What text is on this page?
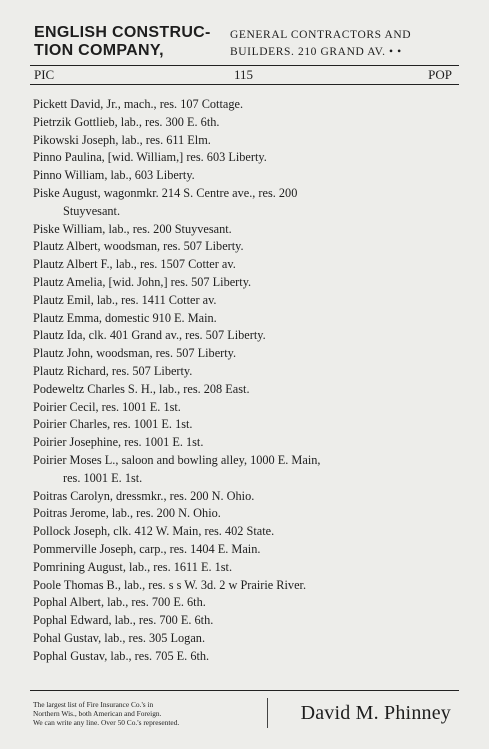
ENGLISH CONSTRUC-
TION COMPANY,
GENERAL CONTRACTORS AND
BUILDERS. 210 GRAND AV. • •
PIC	115	POP
Pickett David, Jr., mach., res. 107 Cottage.
Pietrzik Gottlieb, lab., res. 300 E. 6th.
Pikowski Joseph, lab., res. 611 Elm.
Pinno Paulina, [wid. William,] res. 603 Liberty.
Pinno William, lab., 603 Liberty.
Piske August, wagonmkr. 214 S. Centre ave., res. 200
Stuyvesant.
Piske William, lab., res. 200 Stuyvesant.
Plautz Albert, woodsman, res. 507 Liberty.
Plautz Albert F., lab., res. 1507 Cotter av.
Plautz Amelia, [wid. John,] res. 507 Liberty.
Plautz Emil, lab., res. 1411 Cotter av.
Plautz Emma, domestic 910 E. Main.
Plautz Ida, clk. 401 Grand av., res. 507 Liberty.
Plautz John, woodsman, res. 507 Liberty.
Plautz Richard, res. 507 Liberty.
Podeweltz Charles S. H., lab., res. 208 East.
Poirier Cecil, res. 1001 E. 1st.
Poirier Charles, res. 1001 E. 1st.
Poirier Josephine, res. 1001 E. 1st.
Poirier Moses L., saloon and bowling alley, 1000 E. Main,
res. 1001 E. 1st.
Poitras Carolyn, dressmkr., res. 200 N. Ohio.
Poitras Jerome, lab., res. 200 N. Ohio.
Pollock Joseph, clk. 412 W. Main, res. 402 State.
Pommerville Joseph, carp., res. 1404 E. Main.
Pomrining August, lab., res. 1611 E. 1st.
Poole Thomas B., lab., res. s s W. 3d. 2 w Prairie River.
Pophal Albert, lab., res. 700 E. 6th.
Pophal Edward, lab., res. 700 E. 6th.
Pohal Gustav, lab., res. 305 Logan.
Pophal Gustav, lab., res. 705 E. 6th.
The largest list of Fire Insurance Co.'s in
Northern Wis., both American and Foreign.
We can write any line. Over 50 Co.'s represented.	David M. Phinney
